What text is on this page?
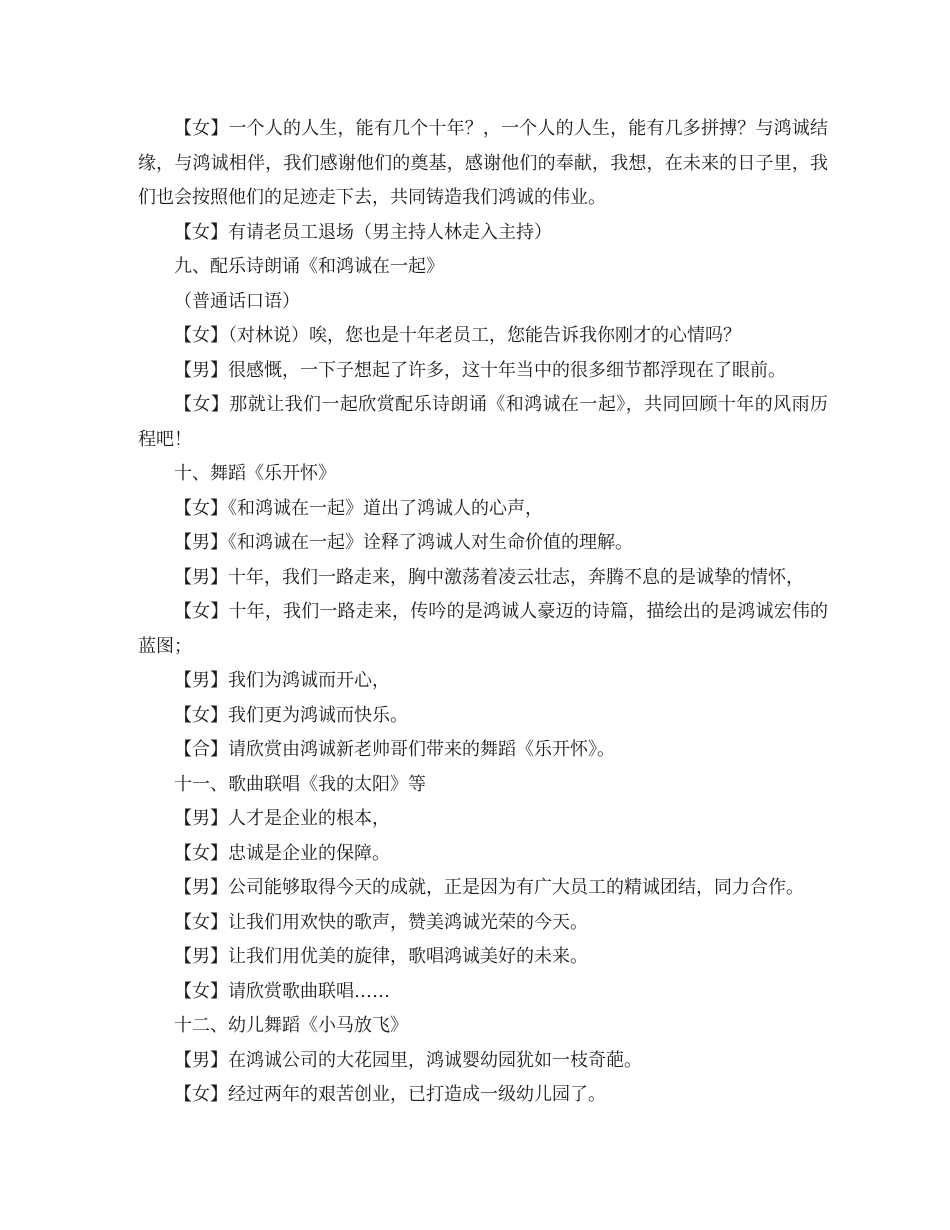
【女】一个人的人生，能有几个十年？，一个人的人生，能有几多拼搏？与鸿诚结缘，与鸿诚相伴，我们感谢他们的奠基，感谢他们的奉献，我想，在未来的日子里，我们也会按照他们的足迹走下去，共同铸造我们鸿诚的伟业。

【女】有请老员工退场（男主持人林走入主持）

九、配乐诗朗诵《和鸿诚在一起》

（普通话口语）

【女】（对林说）唉，您也是十年老员工，您能告诉我你刚才的心情吗？

【男】很感慨，一下子想起了许多，这十年当中的很多细节都浮现在了眼前。

【女】那就让我们一起欣赏配乐诗朗诵《和鸿诚在一起》，共同回顾十年的风雨历程吧！

十、舞蹈《乐开怀》

【女】《和鸿诚在一起》道出了鸿诚人的心声，

【男】《和鸿诚在一起》诠释了鸿诚人对生命价值的理解。

【男】十年，我们一路走来，胸中激荡着凌云壮志，奔腾不息的是诚挚的情怀，

【女】十年，我们一路走来，传吟的是鸿诚人豪迈的诗篇，描绘出的是鸿诚宏伟的蓝图；

【男】我们为鸿诚而开心，

【女】我们更为鸿诚而快乐。

【合】请欣赏由鸿诚新老帅哥们带来的舞蹈《乐开怀》。

十一、歌曲联唱《我的太阳》等

【男】人才是企业的根本，

【女】忠诚是企业的保障。

【男】公司能够取得今天的成就，正是因为有广大员工的精诚团结，同力合作。

【女】让我们用欢快的歌声，赞美鸿诚光荣的今天。

【男】让我们用优美的旋律，歌唱鸿诚美好的未来。

【女】请欣赏歌曲联唱……

十二、幼儿舞蹈《小马放飞》

【男】在鸿诚公司的大花园里，鸿诚婴幼园犹如一枝奇葩。

【女】经过两年的艰苦创业，已打造成一级幼儿园了。
